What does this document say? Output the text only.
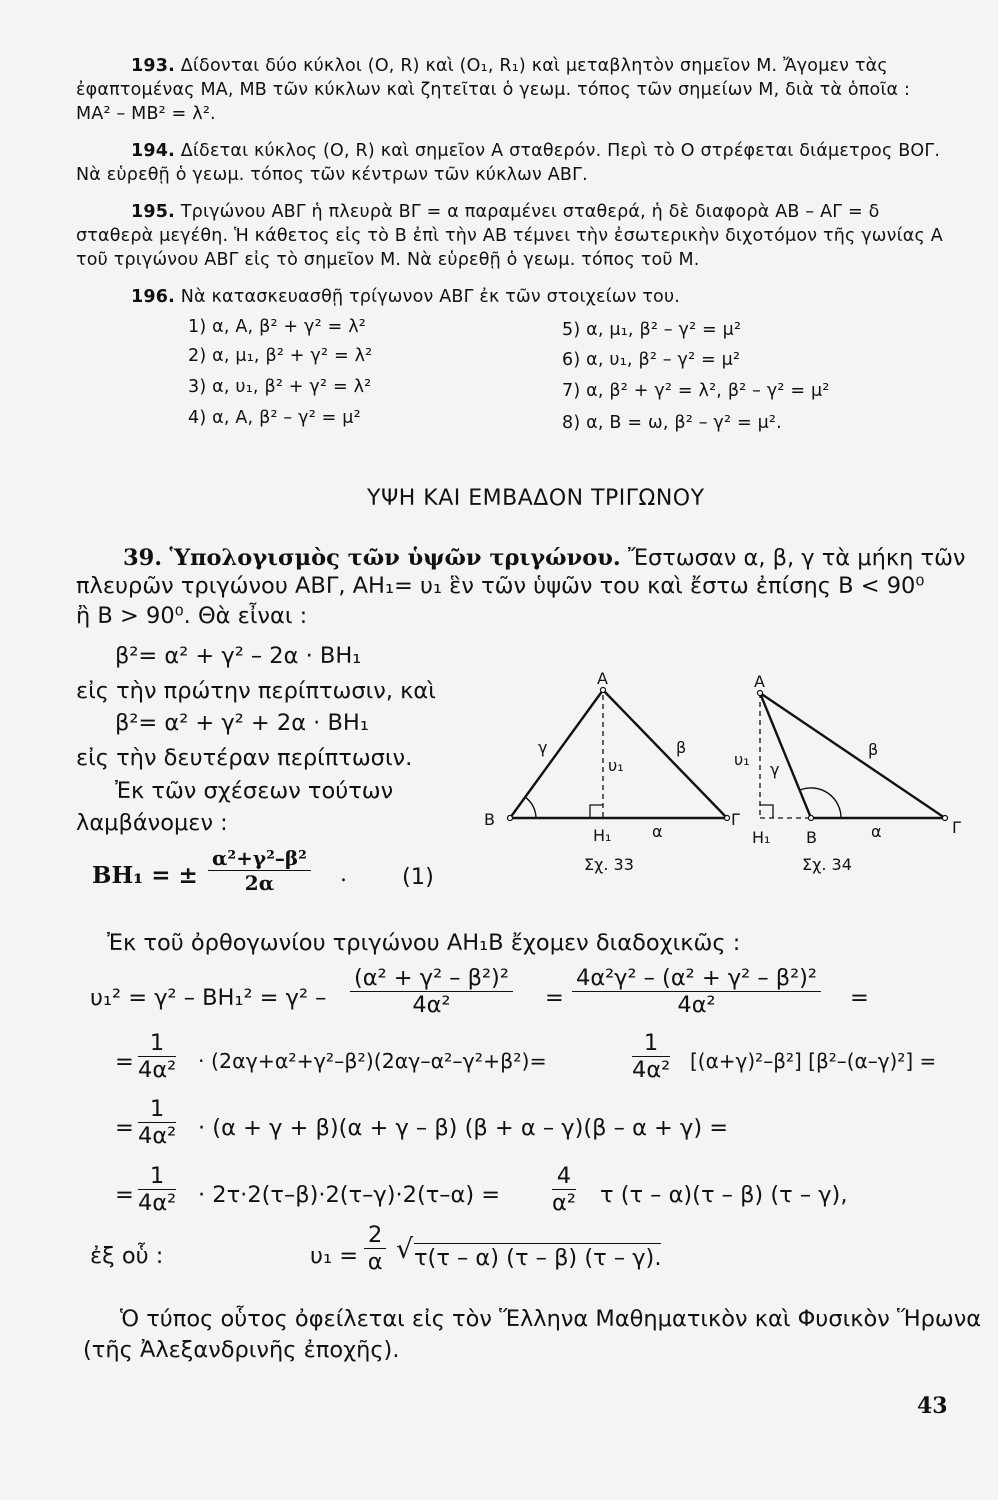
193. Δίδονται δύο κύκλοι (Ο, R) καὶ (Ο₁, R₁) καὶ μεταβλητὸν σημεῖον Μ. Ἄγομεν τὰς
ἐφαπτομένας ΜΑ, ΜΒ τῶν κύκλων καὶ ζητεῖται ὁ γεωμ. τόπος τῶν σημείων Μ, διὰ τὰ ὁποῖα :
ΜΑ² – ΜΒ² = λ².
194. Δίδεται κύκλος (Ο, R) καὶ σημεῖον Α σταθερόν. Περὶ τὸ Ο στρέφεται διάμετρος ΒΟΓ.
Νὰ εὑρεθῇ ὁ γεωμ. τόπος τῶν κέντρων τῶν κύκλων ΑΒΓ.
195. Τριγώνου ΑΒΓ ἡ πλευρὰ ΒΓ = α παραμένει σταθερά, ἡ δὲ διαφορὰ ΑΒ – ΑΓ = δ
σταθερὰ μεγέθη. Ἡ κάθετος εἰς τὸ Β ἐπὶ τὴν ΑΒ τέμνει τὴν ἐσωτερικὴν διχοτόμον τῆς γωνίας Α
τοῦ τριγώνου ΑΒΓ εἰς τὸ σημεῖον Μ. Νὰ εὑρεθῇ ὁ γεωμ. τόπος τοῦ Μ.
196. Νὰ κατασκευασθῇ τρίγωνον ΑΒΓ ἐκ τῶν στοιχείων του.
1) α, Α, β² + γ² = λ²
2) α, μ₁, β² + γ² = λ²
3) α, υ₁, β² + γ² = λ²
4) α, Α, β² – γ² = μ²
5) α, μ₁, β² – γ² = μ²
6) α, υ₁, β² – γ² = μ²
7) α, β² + γ² = λ², β² – γ² = μ²
8) α, Β = ω, β² – γ² = μ².
ΥΨΗ ΚΑΙ ΕΜΒΑΔΟΝ ΤΡΙΓΩΝΟΥ
39. Ὑπολογισμὸς τῶν ὑψῶν τριγώνου. Ἔστωσαν α, β, γ τὰ μήκη τῶν
πλευρῶν τριγώνου ΑΒΓ, ΑΗ₁= υ₁ ἓν τῶν ὑψῶν του καὶ ἔστω ἐπίσης Β < 90⁰
ἢ Β > 90⁰. Θὰ εἶναι :
β²= α² + γ² – 2α · ΒΗ₁
εἰς τὴν πρώτην περίπτωσιν, καὶ
β²= α² + γ² + 2α · ΒΗ₁
εἰς τὴν δευτέραν περίπτωσιν.
Ἐκ τῶν σχέσεων τούτων
λαμβάνομεν :
ΒΗ₁ = ±
α²+γ²–β²
2α	. (1)
Α
Β	Γ
Η₁
γ	β
α
υ₁
Σχ. 33
Α
Β
Γ
Η₁
γ
β
α
υ₁
Σχ. 34
Ἐκ τοῦ ὀρθογωνίου τριγώνου ΑΗ₁Β ἔχομεν διαδοχικῶς :
υ₁² = γ² – ΒΗ₁² = γ² –
(α² + γ² – β²)²
4α²	=
4α²γ² – (α² + γ² – β²)²
4α²	=
=
1
4α² · (2αγ+α²+γ²–β²)(2αγ–α²–γ²+β²)=
1
4α² [(α+γ)²–β²] [β²–(α–γ)²] =
=
1
4α² · (α + γ + β)(α + γ – β) (β + α – γ)(β – α + γ) =
=
1
4α² · 2τ·2(τ–β)·2(τ–γ)·2(τ–α) =
4
α² τ (τ – α)(τ – β) (τ – γ),
ἐξ οὗ :	υ₁ =
2
α √ τ(τ – α) (τ – β) (τ – γ).
Ὁ τύπος οὗτος ὀφείλεται εἰς τὸν Ἕλληνα Μαθηματικὸν καὶ Φυσικὸν Ἥρωνα
(τῆς Ἀλεξανδρινῆς ἐποχῆς).
43
